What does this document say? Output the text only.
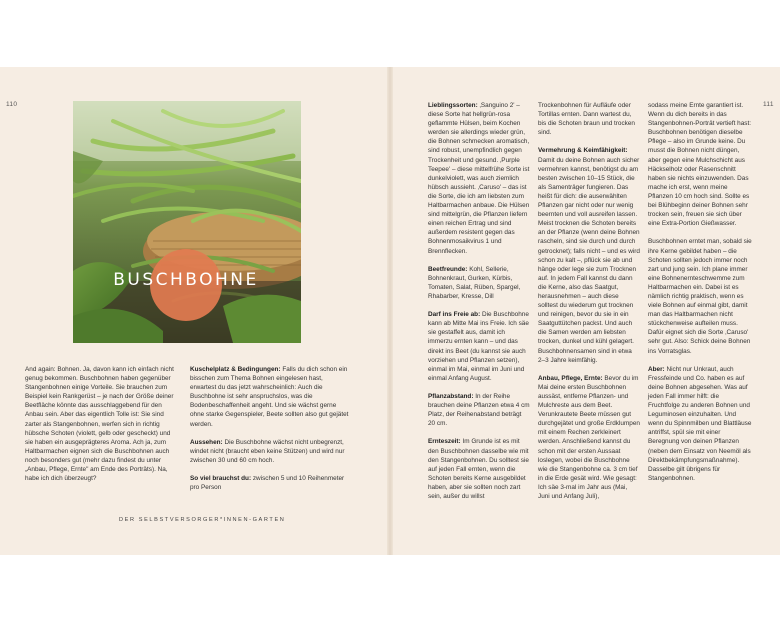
110	111
BUSCHBOHNE

And again: Bohnen. Ja, davon kann ich einfach nicht genug bekommen. Buschbohnen haben gegenüber Stangenbohnen einige Vorteile. Sie brauchen zum Beispiel kein Rankgerüst – je nach der Größe deiner Beetfläche könnte das ausschlaggebend für den Anbau sein. Aber das eigentlich Tolle ist: Sie sind zarter als Stangenbohnen, werfen sich in richtig hübsche Schoten (violett, gelb oder gescheckt) und sie haben ein ausgeprägteres Aroma. Ach ja, zum Haltbarmachen eignen sich die Buschbohnen auch noch besonders gut (mehr dazu findest du unter „Anbau, Pflege, Ernte" am Ende des Porträts). Na, habe ich dich überzeugt?

Kuschelplatz & Bedingungen: Falls du dich schon ein bisschen zum Thema Bohnen eingelesen hast, erwartest du das jetzt wahrscheinlich: Auch die Buschbohne ist sehr anspruchslos, was die Bodenbeschaffenheit angeht. Und sie wächst gerne ohne starke Gegenspieler, Beete sollten also gut gejätet werden.

Aussehen: Die Buschbohne wächst nicht unbegrenzt, windet nicht (braucht eben keine Stützen) und wird nur zwischen 30 und 60 cm hoch.

So viel brauchst du: zwischen 5 und 10 Reihenmeter pro Person

DER SELBSTVERSORGER*INNEN-GARTEN

Lieblingssorten: ‚Sanguino 2' – diese Sorte hat hellgrün-rosa geflammte Hülsen, beim Kochen werden sie allerdings wieder grün, die Bohnen schmecken aromatisch, sind robust, unempfindlich gegen Trockenheit und gesund. ‚Purple Teepee' – diese mittelfrühe Sorte ist dunkelviolett, was auch ziemlich hübsch aussieht. ‚Caruso' – das ist die Sorte, die ich am liebsten zum Haltbarmachen anbaue. Die Hülsen sind mittelgrün, die Pflanzen liefern einen reichen Ertrag und sind außerdem resistent gegen das Bohnenmosaikvirus 1 und Brennflecken.

Beetfreunde: Kohl, Sellerie, Bohnenkraut, Gurken, Kürbis, Tomaten, Salat, Rüben, Spargel, Rhabarber, Kresse, Dill

Darf ins Freie ab: Die Buschbohne kann ab Mitte Mai ins Freie. Ich säe sie gestaffelt aus, damit ich immerzu ernten kann – und das direkt ins Beet (du kannst sie auch vorziehen und Pflanzen setzen), einmal im Mai, einmal im Juni und einmal Anfang August.

Pflanzabstand: In der Reihe brauchen deine Pflanzen etwa 4 cm Platz, der Reihenabstand beträgt 20 cm.

Ernteszeit: Im Grunde ist es mit den Buschbohnen dasselbe wie mit den Stangenbohnen. Du solltest sie auf jeden Fall ernten, wenn die Schoten bereits Kerne ausgebildet haben, aber sie sollten noch zart sein, außer du willst

Trockenbohnen für Aufläufe oder Tortillas ernten. Dann wartest du, bis die Schoten braun und trocken sind.

Vermehrung & Keimfähigkeit: Damit du deine Bohnen auch sicher vermehren kannst, benötigst du am besten zwischen 10–15 Stück, die als Samenträger fungieren. Das heißt für dich: die auserwählten Pflanzen gar nicht oder nur wenig beernten und voll ausreifen lassen. Meist trocknen die Schoten bereits an der Pflanze (wenn deine Bohnen rascheln, sind sie durch und durch getrocknet); falls nicht – und es wird schon zu kalt –, pflück sie ab und hänge oder lege sie zum Trocknen auf. In jedem Fall kannst du dann die Kerne, also das Saatgut, herausnehmen – auch diese solltest du wiederum gut trocknen und reinigen, bevor du sie in ein Saatguttütchen packst. Und auch die Samen werden am liebsten trocken, dunkel und kühl gelagert. Buschbohnensamen sind in etwa 2–3 Jahre keimfähig.

Anbau, Pflege, Ernte: Bevor du im Mai deine ersten Buschbohnen aussäst, entferne Pflanzen- und Mulchreste aus dem Beet. Verunkrautete Beete müssen gut durchgejätet und große Erdklumpen mit einem Rechen zerkleinert werden. Anschließend kannst du schon mit der ersten Aussaat loslegen, wobei die Buschbohne wie die Stangenbohne ca. 3 cm tief in die Erde gesät wird. Wie gesagt: Ich säe 3-mal im Jahr aus (Mai, Juni und Anfang Juli),

sodass meine Ernte garantiert ist. Wenn du dich bereits in das Stangenbohnen-Porträt vertieft hast: Buschbohnen benötigen dieselbe Pflege – also im Grunde keine. Du musst die Bohnen nicht düngen, aber gegen eine Mulchschicht aus Häckselholz oder Rasenschnitt haben sie nichts einzuwenden. Das mache ich erst, wenn meine Pflanzen 10 cm hoch sind. Sollte es bei Blühbeginn deiner Bohnen sehr trocken sein, freuen sie sich über eine Extra-Portion Gießwasser.

Buschbohnen erntet man, sobald sie ihre Kerne gebildet haben – die Schoten sollten jedoch immer noch zart und jung sein. Ich plane immer eine Bohnenernteschwemme zum Haltbarmachen ein. Dabei ist es nämlich richtig praktisch, wenn es viele Bohnen auf einmal gibt, damit man das Haltbarmachen nicht stückchenweise aufteilen muss. Dafür eignet sich die Sorte ‚Caruso' sehr gut. Also: Schick deine Bohnen ins Vorratsglas.

Aber: Nicht nur Unkraut, auch Fressfeinde und Co. haben es auf deine Bohnen abgesehen. Was auf jeden Fall immer hilft: die Fruchtfolge zu anderen Bohnen und Leguminosen einzuhalten. Und wenn du Spinnmilben und Blattläuse antriffst, spül sie mit einer Beregnung von deinen Pflanzen (neben dem Einsatz von Neemöl als Direktbekämpfungsmaßnahme). Dasselbe gilt übrigens für Stangenbohnen.
